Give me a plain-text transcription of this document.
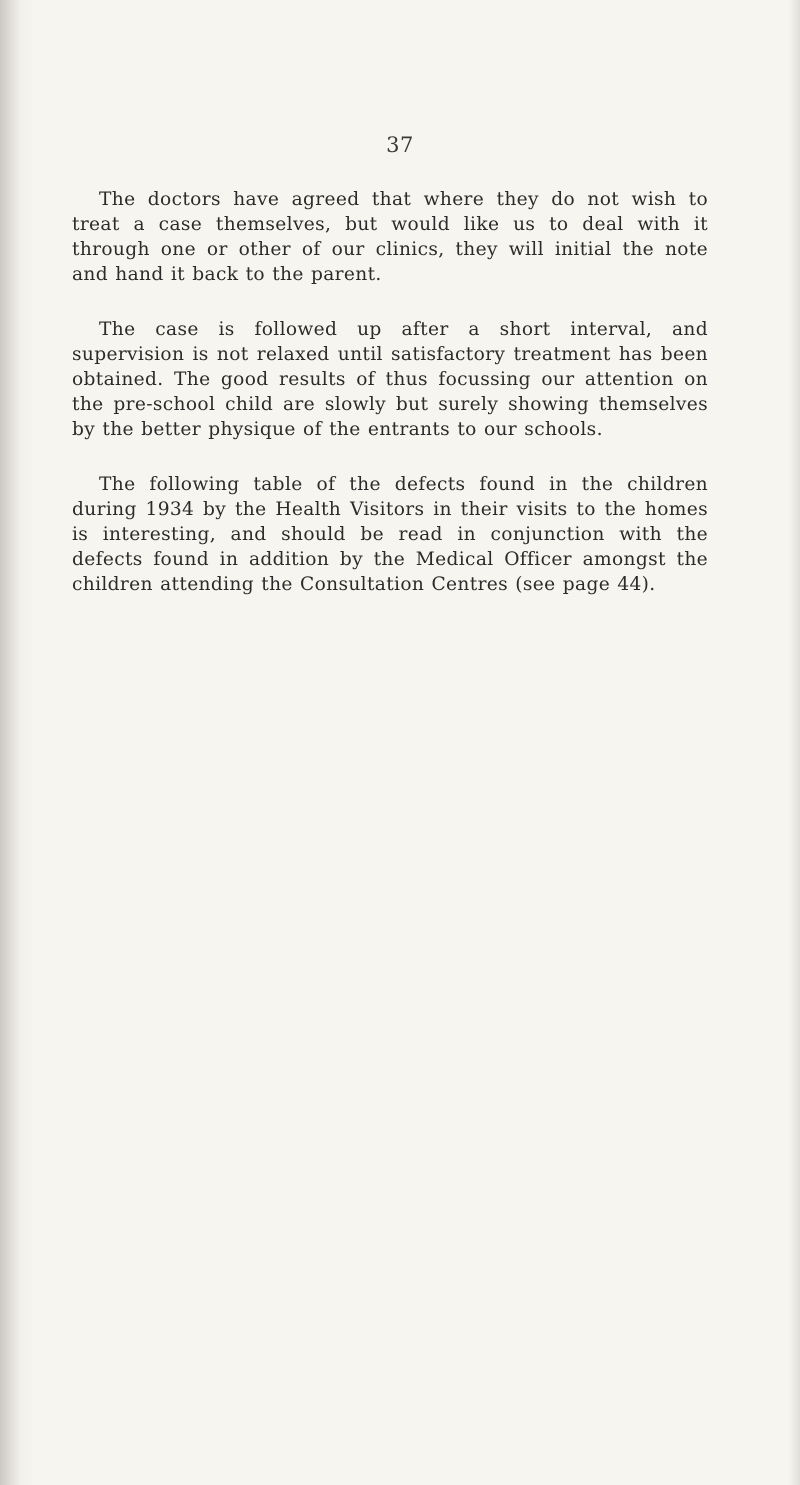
37

The doctors have agreed that where they do not wish to treat a case themselves, but would like us to deal with it through one or other of our clinics, they will initial the note and hand it back to the parent.

The case is followed up after a short interval, and supervision is not relaxed until satisfactory treatment has been obtained. The good results of thus focussing our attention on the pre-school child are slowly but surely showing themselves by the better physique of the entrants to our schools.

The following table of the defects found in the children during 1934 by the Health Visitors in their visits to the homes is interesting, and should be read in conjunction with the defects found in addition by the Medical Officer amongst the children attending the Consultation Centres (see page 44).
